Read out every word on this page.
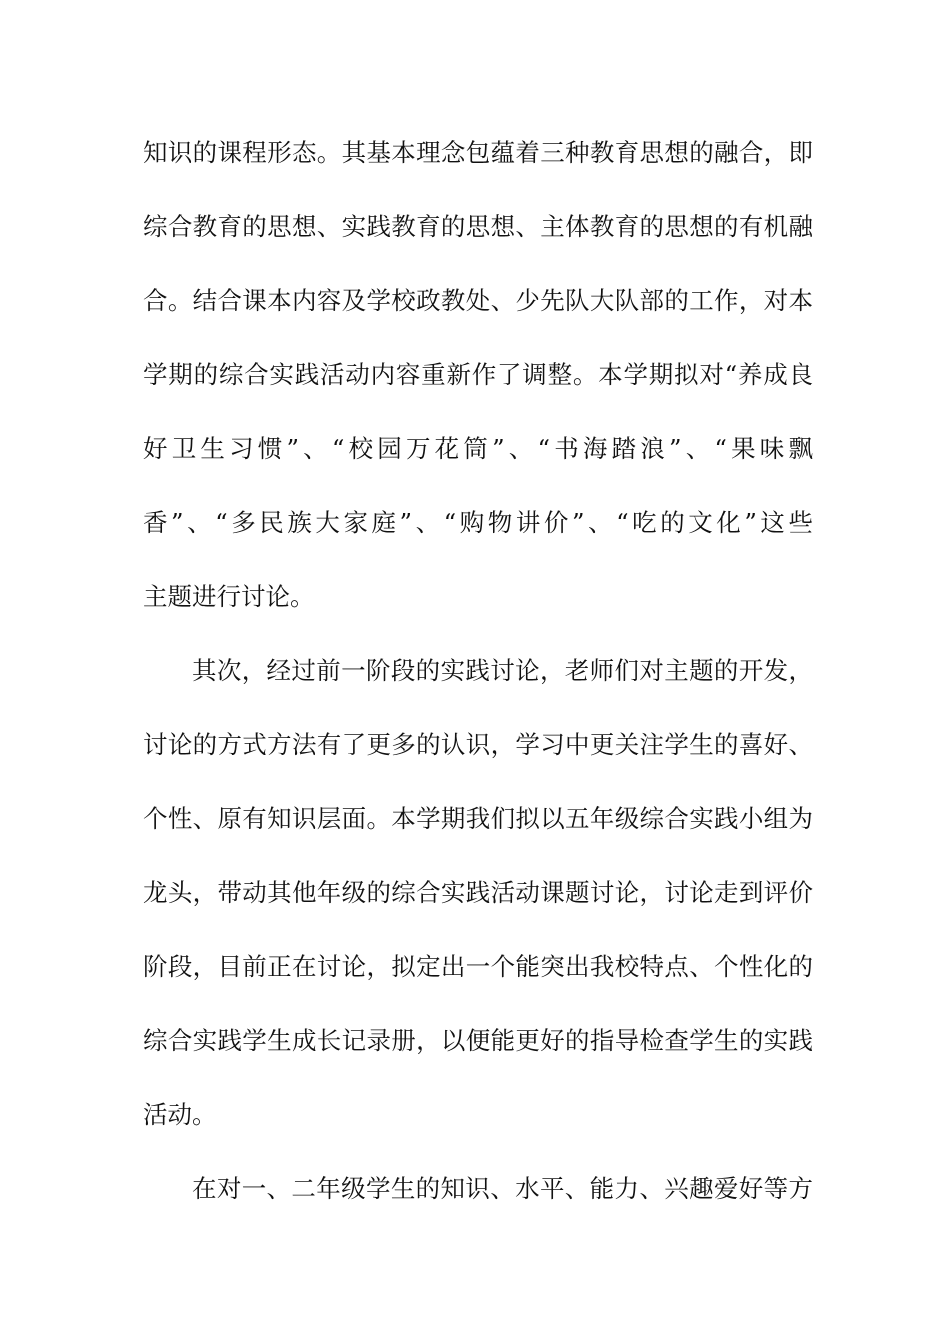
知识的课程形态。其基本理念包蕴着三种教育思想的融合，即
综合教育的思想、实践教育的思想、主体教育的思想的有机融
合。结合课本内容及学校政教处、少先队大队部的工作，对本
学期的综合实践活动内容重新作了调整。本学期拟对“养成良
好卫生习惯”、“校园万花筒”、“书海踏浪”、“果味飘
香”、“多民族大家庭”、“购物讲价”、“吃的文化”这些
主题进行讨论。
其次，经过前一阶段的实践讨论，老师们对主题的开发，
讨论的方式方法有了更多的认识，学习中更关注学生的喜好、
个性、原有知识层面。本学期我们拟以五年级综合实践小组为
龙头，带动其他年级的综合实践活动课题讨论，讨论走到评价
阶段，目前正在讨论，拟定出一个能突出我校特点、个性化的
综合实践学生成长记录册，以便能更好的指导检查学生的实践
活动。
在对一、二年级学生的知识、水平、能力、兴趣爱好等方
